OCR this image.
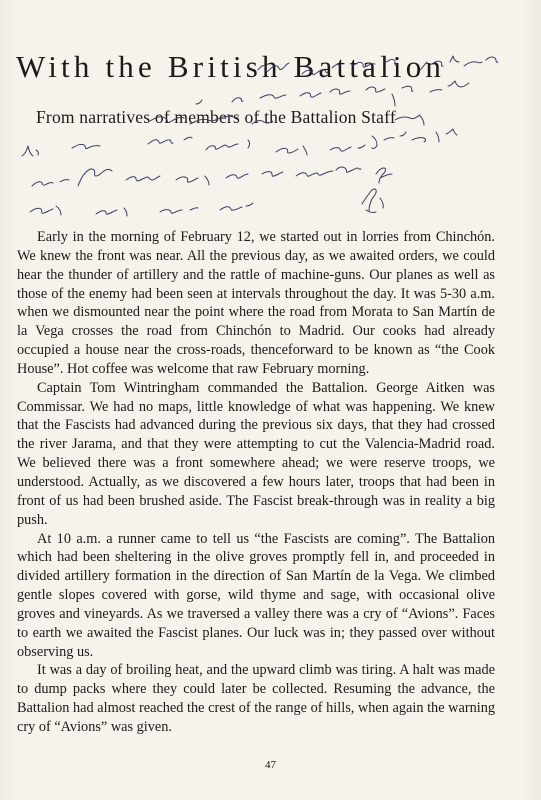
With the British Battalion
From narratives of members of the Battalion Staff

Early in the morning of February 12, we started out in lorries from Chinchón. We knew the front was near. All the previous day, as we awaited orders, we could hear the thunder of artillery and the rattle of machine-guns. Our planes as well as those of the enemy had been seen at intervals throughout the day. It was 5-30 a.m. when we dismounted near the point where the road from Morata to San Martín de la Vega crosses the road from Chinchón to Madrid. Our cooks had already occupied a house near the cross-roads, thenceforward to be known as “the Cook House”. Hot coffee was welcome that raw February morning.

Captain Tom Wintringham commanded the Battalion. George Aitken was Commissar. We had no maps, little knowledge of what was happening. We knew that the Fascists had advanced during the previous six days, that they had crossed the river Jarama, and that they were attempting to cut the Valencia-Madrid road. We believed there was a front somewhere ahead; we were reserve troops, we understood. Actually, as we discovered a few hours later, troops that had been in front of us had been brushed aside. The Fascist break-through was in reality a big push.

At 10 a.m. a runner came to tell us “the Fascists are coming”. The Battalion which had been sheltering in the olive groves promptly fell in, and proceeded in divided artillery formation in the direction of San Martín de la Vega. We climbed gentle slopes covered with gorse, wild thyme and sage, with occasional olive groves and vineyards. As we traversed a valley there was a cry of “Avions”. Faces to earth we awaited the Fascist planes. Our luck was in; they passed over without observing us.

It was a day of broiling heat, and the upward climb was tiring. A halt was made to dump packs where they could later be collected. Resuming the advance, the Battalion had almost reached the crest of the range of hills, when again the warning cry of “Avions” was given.

47
